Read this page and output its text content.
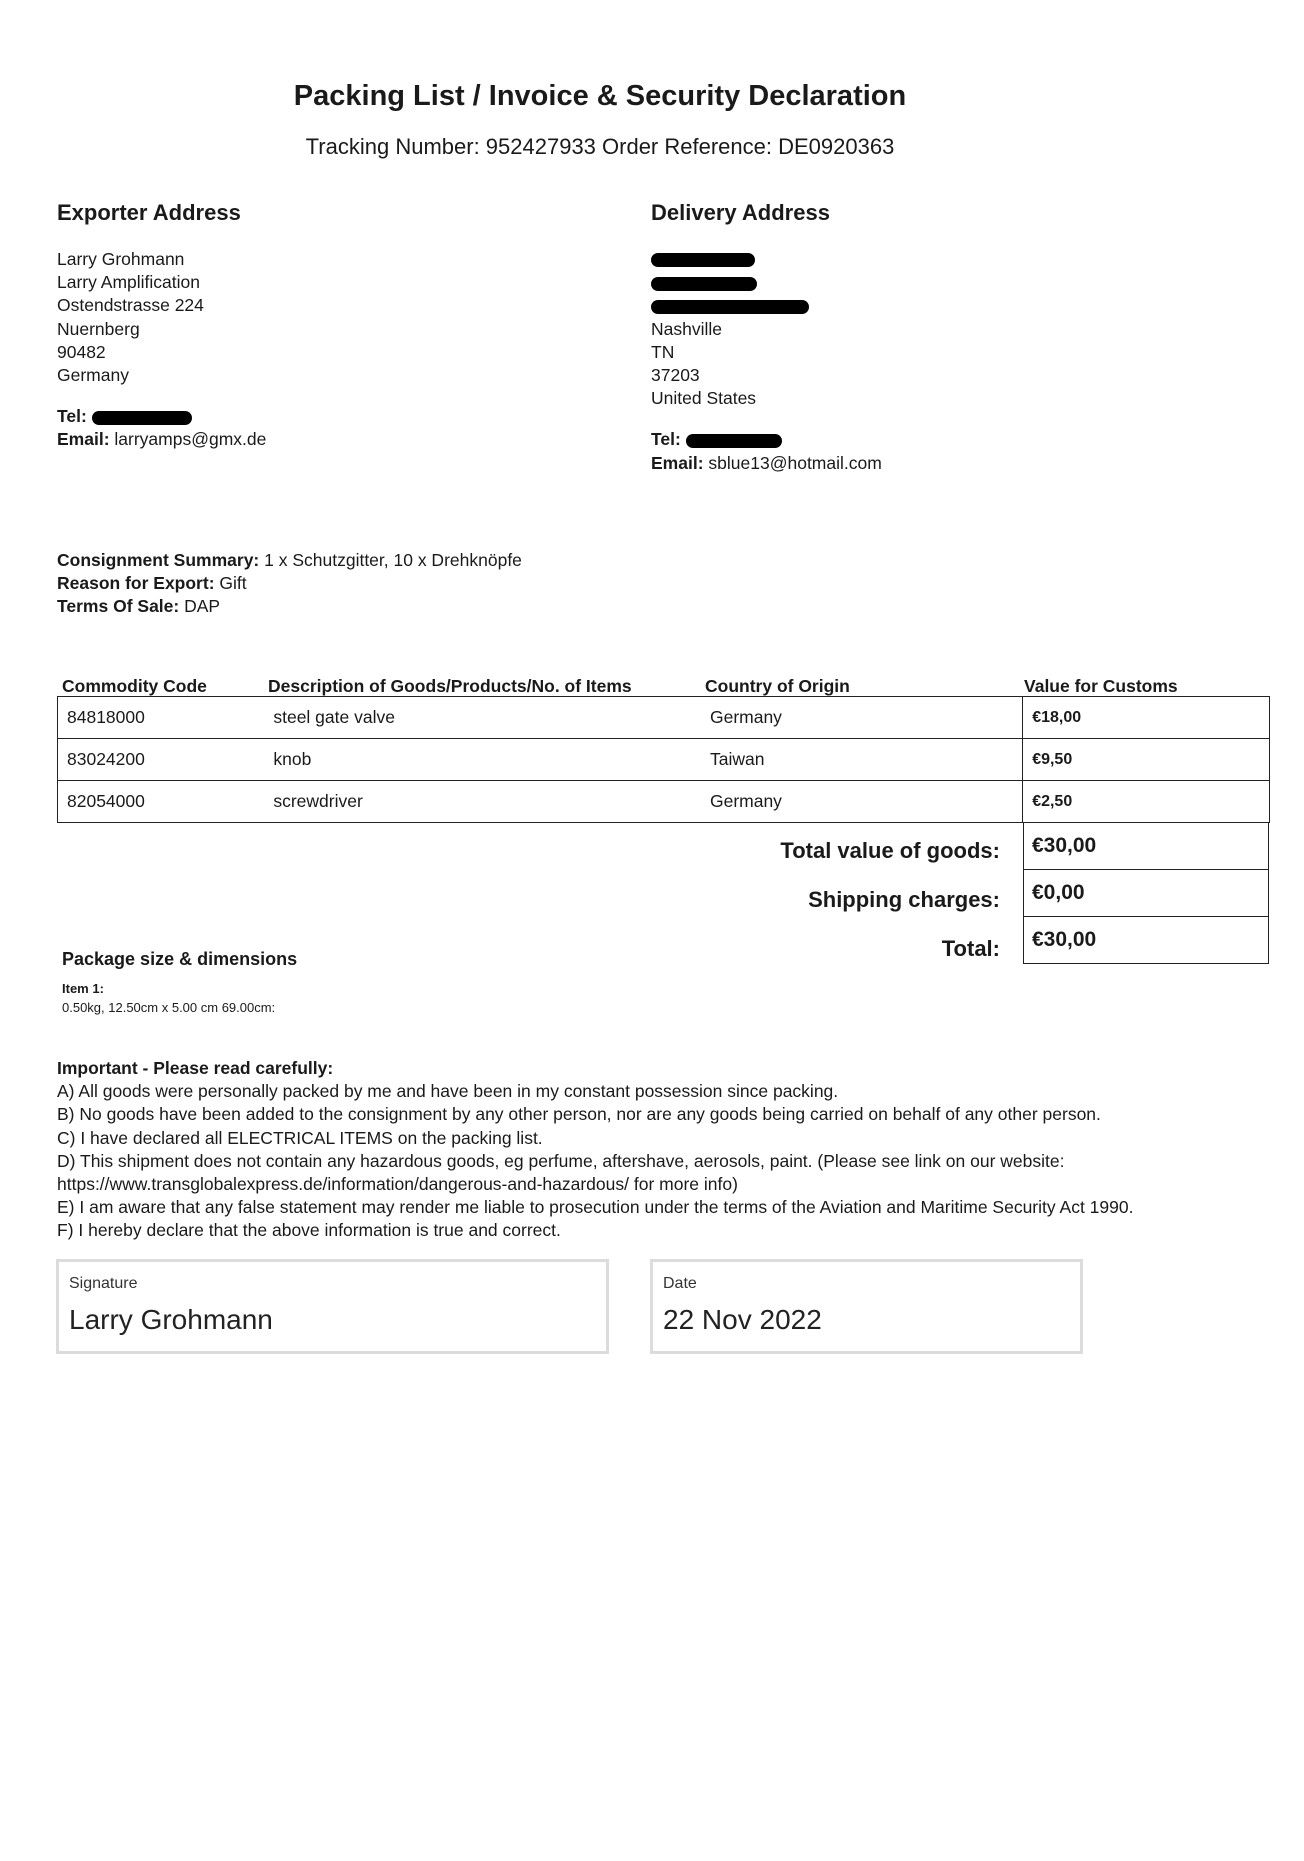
Packing List / Invoice & Security Declaration
Tracking Number: 952427933 Order Reference: DE0920363
Exporter Address
Larry Grohmann
Larry Amplification
Ostendstrasse 224
Nuernberg
90482
Germany
Tel:
Email: larryamps@gmx.de
Delivery Address
Nashville
TN
37203
United States
Tel:
Email: sblue13@hotmail.com
Consignment Summary: 1 x Schutzgitter, 10 x Drehknöpfe
Reason for Export: Gift
Terms Of Sale: DAP
Commodity Code	Description of Goods/Products/No. of Items	Country of Origin	Value for Customs
84818000	steel gate valve	Germany	€18,00
83024200	knob	Taiwan	€9,50
82054000	screwdriver	Germany	€2,50
Total value of goods:	€30,00
Shipping charges:	€0,00
Total:	€30,00
Package size & dimensions
Item 1:
0.50kg, 12.50cm x 5.00 cm 69.00cm:
Important - Please read carefully:
A) All goods were personally packed by me and have been in my constant possession since packing.
B) No goods have been added to the consignment by any other person, nor are any goods being carried on behalf of any other person.
C) I have declared all ELECTRICAL ITEMS on the packing list.
D) This shipment does not contain any hazardous goods, eg perfume, aftershave, aerosols, paint. (Please see link on our website:
https://www.transglobalexpress.de/information/dangerous-and-hazardous/ for more info)
E) I am aware that any false statement may render me liable to prosecution under the terms of the Aviation and Maritime Security Act 1990.
F) I hereby declare that the above information is true and correct.
Signature
Larry Grohmann
Date
22 Nov 2022
